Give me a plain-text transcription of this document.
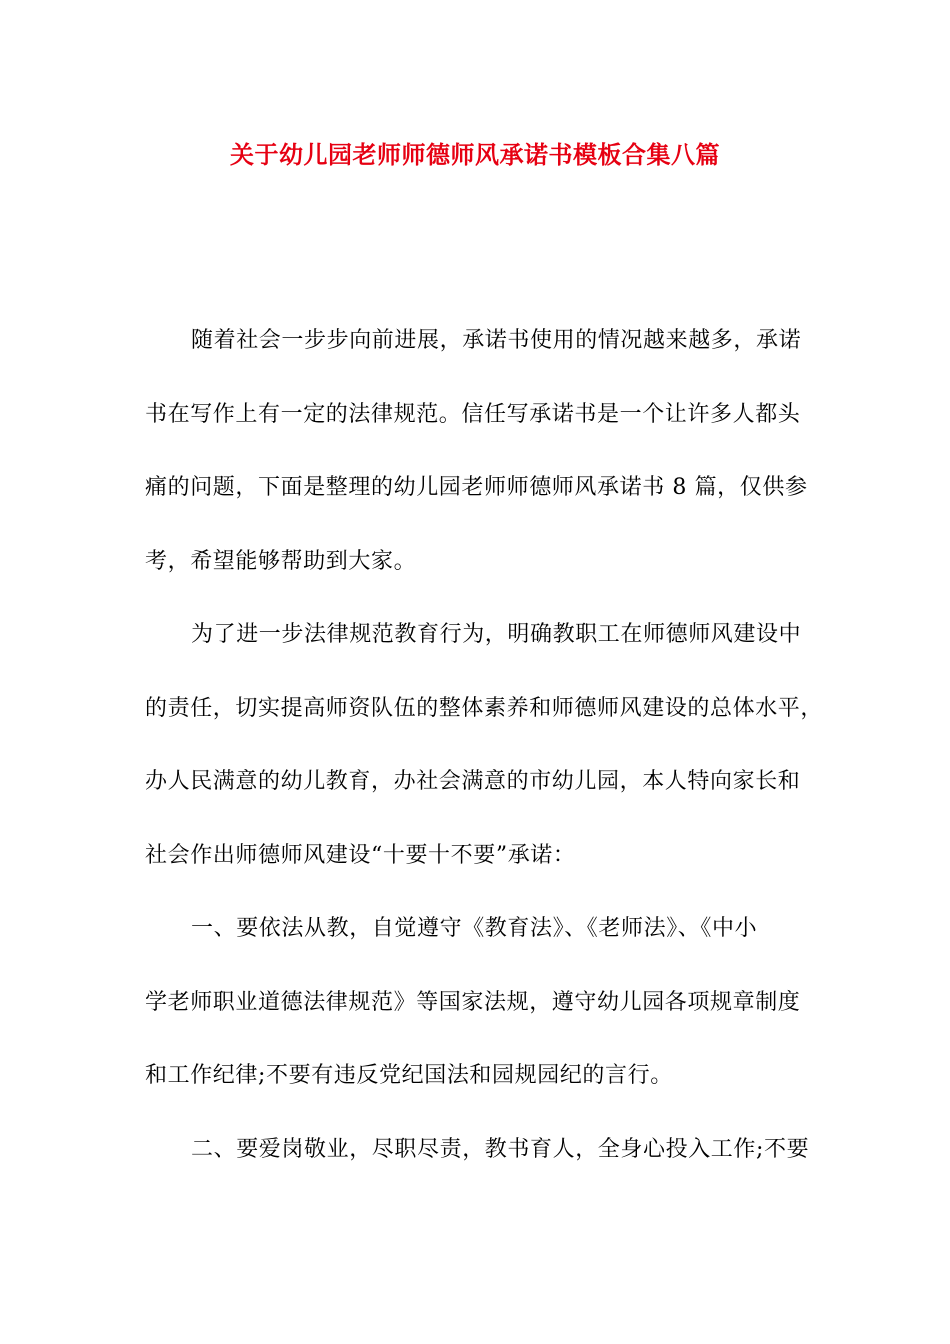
关于幼儿园老师师德师风承诺书模板合集八篇
随着社会一步步向前进展，承诺书使用的情况越来越多，承诺
书在写作上有一定的法律规范。信任写承诺书是一个让许多人都头
痛的问题，下面是整理的幼儿园老师师德师风承诺书 8 篇，仅供参
考，希望能够帮助到大家。
为了进一步法律规范教育行为，明确教职工在师德师风建设中
的责任，切实提高师资队伍的整体素养和师德师风建设的总体水平，
办人民满意的幼儿教育，办社会满意的市幼儿园，本人特向家长和
社会作出师德师风建设“十要十不要”承诺：
一、要依法从教，自觉遵守《教育法》、《老师法》、《中小
学老师职业道德法律规范》等国家法规，遵守幼儿园各项规章制度
和工作纪律;不要有违反党纪国法和园规园纪的言行。
二、要爱岗敬业，尽职尽责，教书育人，全身心投入工作;不要
